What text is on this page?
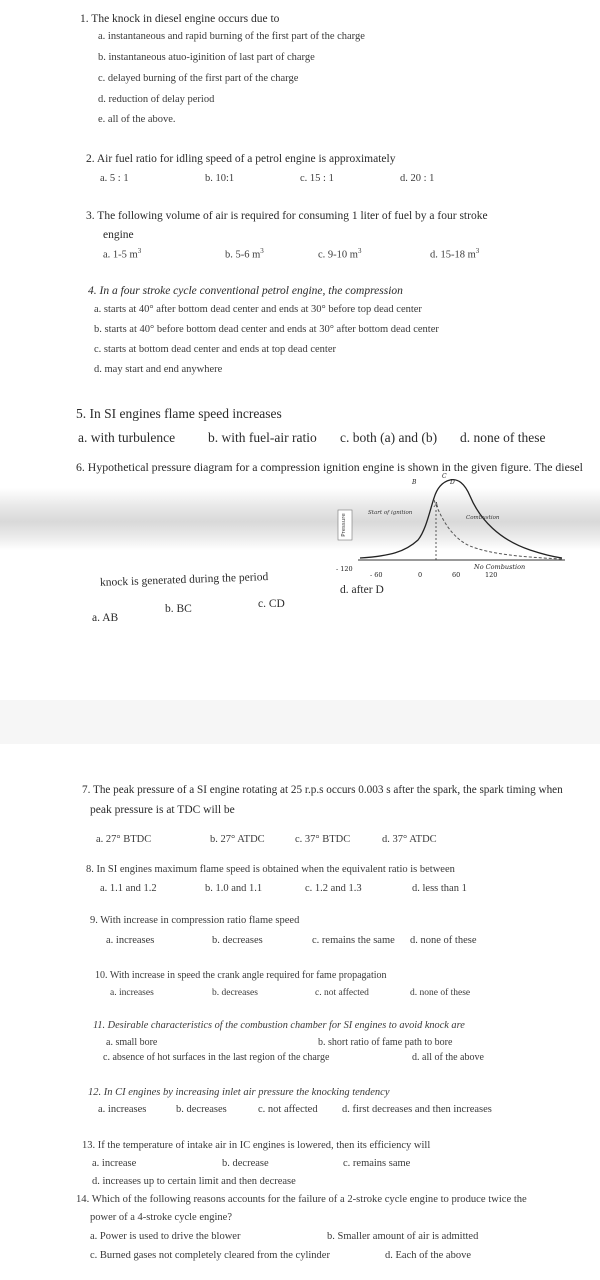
1. The knock in diesel engine occurs due to
a. instantaneous and rapid burning of the first part of the charge
b. instantaneous atuo-iginition of last part of charge
c. delayed burning of the first part of the charge
d. reduction of delay period
e. all of the above.
2. Air fuel ratio for idling speed of a petrol engine is approximately
a. 5 : 1	b. 10:1	c. 15 : 1	d. 20 : 1
3. The following volume of air is required for consuming 1 liter of fuel by a four stroke
engine
a. 1-5 $m^3$	b. 5-6 $m^3$	c. 9-10 $m^3$	d. 15-18 $m^3$
4. In a four stroke cycle conventional petrol engine, the compression
a. starts at 40° after bottom dead center and ends at 30° before top dead center
b. starts at 40° before bottom dead center and ends at 30° after bottom dead center
c. starts at bottom dead center and ends at top dead center
d. may start and end anywhere
5. In SI engines flame speed increases
a. with turbulence b. with fuel-air ratio c. both (a) and (b) d. none of these
6. Hypothetical pressure diagram for a compression ignition engine is shown in the given figure. The diesel
Pressure
A
B
C
D
Start of ignition
Combustion
No Combustion
- 120
- 60	0	60	120
knock is generated during the period
a. AB
b. BC	c. CD
d. after D
7. The peak pressure of a SI engine rotating at 25 r.p.s occurs 0.003 s after the spark, the spark timing when
peak pressure is at TDC will be
a. 27° BTDC	b. 27° ATDC	c. 37° BTDC	d. 37° ATDC
8. In SI engines maximum flame speed is obtained when the equivalent ratio is between
a. 1.1 and 1.2	b. 1.0 and 1.1	c. 1.2 and 1.3	d. less than 1
9. With increase in compression ratio flame speed
a. increases	b. decreases	c. remains the same d. none of these
10. With increase in speed the crank angle required for fame propagation
a. increases	b. decreases	c. not affected	d. none of these
11. Desirable characteristics of the combustion chamber for SI engines to avoid knock are
a. small bore	b. short ratio of fame path to bore
c. absence of hot surfaces in the last region of the charge	d. all of the above
12. In CI engines by increasing inlet air pressure the knocking tendency
a. increases	b. decreases	c. not affected d. first decreases and then increases
13. If the temperature of intake air in IC engines is lowered, then its efficiency will
a. increase	b. decrease	c. remains same
d. increases up to certain limit and then decrease
14. Which of the following reasons accounts for the failure of a 2-stroke cycle engine to produce twice the
power of a 4-stroke cycle engine?
a. Power is used to drive the blower	b. Smaller amount of air is admitted
c. Burned gases not completely cleared from the cylinder	d. Each of the above
